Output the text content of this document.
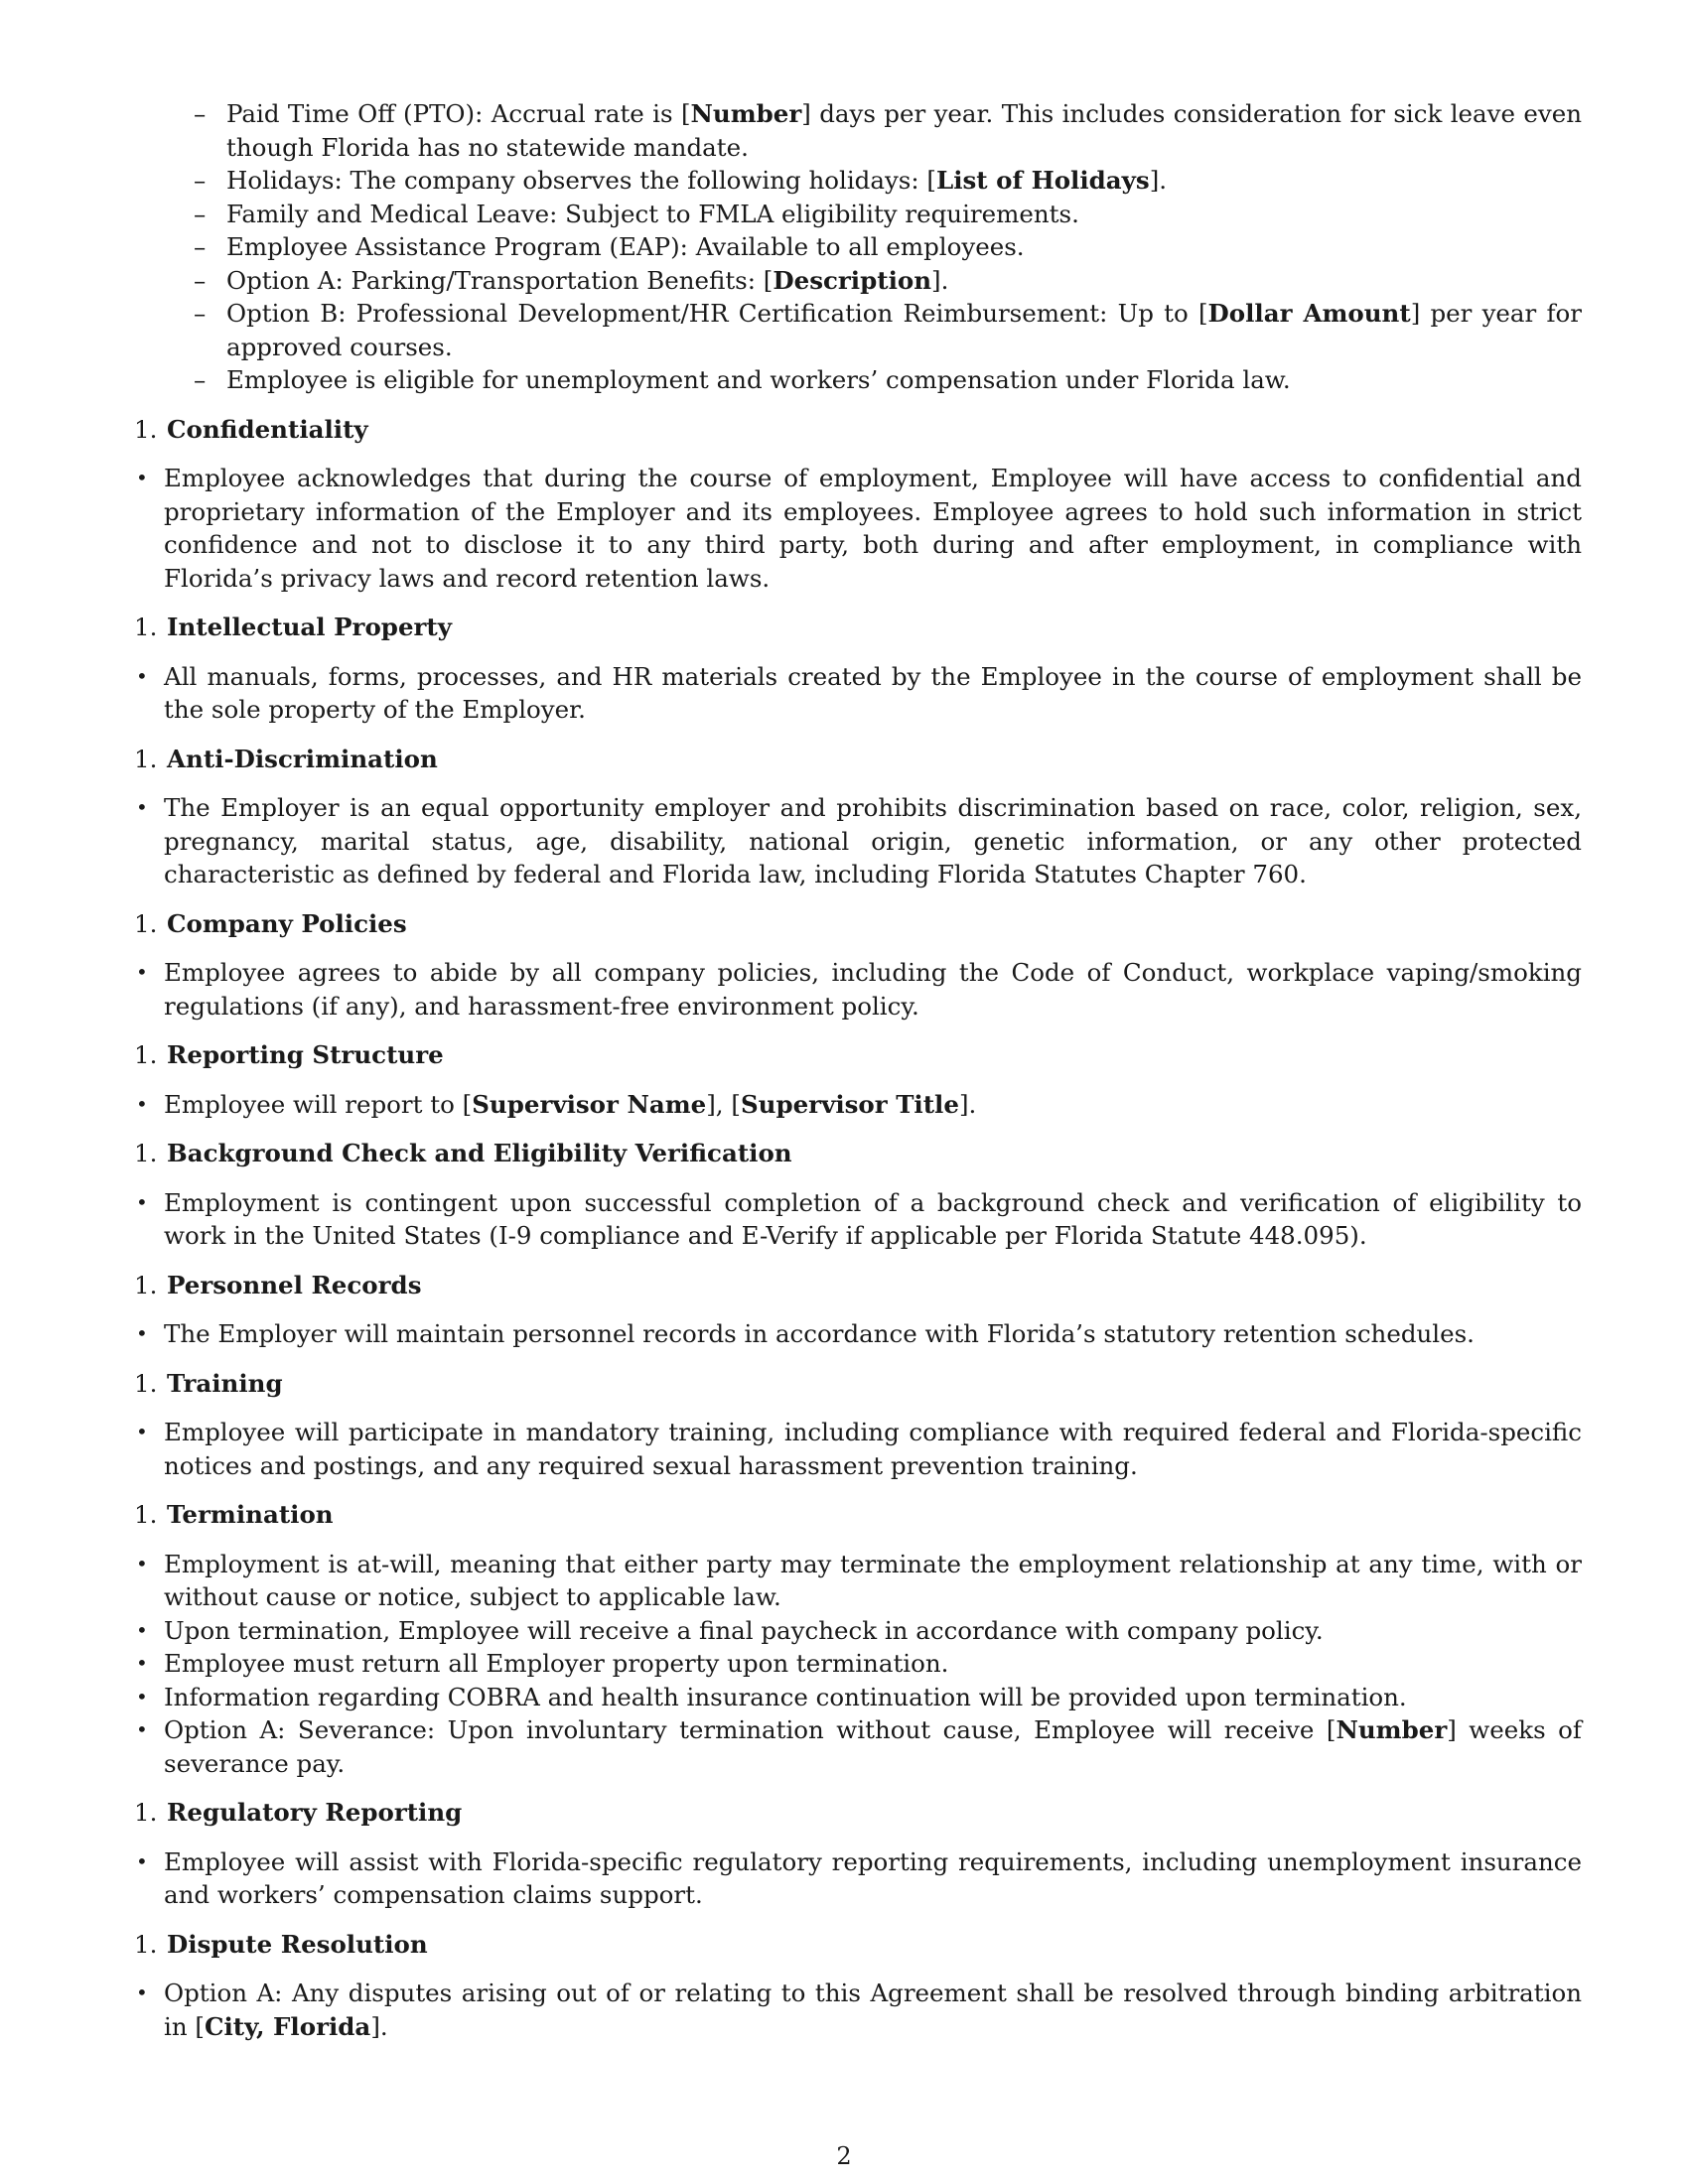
– Paid Time Off (PTO): Accrual rate is [Number] days per year. This includes consideration for sick leave even though Florida has no statewide mandate.
– Holidays: The company observes the following holidays: [List of Holidays].
– Family and Medical Leave: Subject to FMLA eligibility requirements.
– Employee Assistance Program (EAP): Available to all employees.
– Option A: Parking/Transportation Benefits: [Description].
– Option B: Professional Development/HR Certification Reimbursement: Up to [Dollar Amount] per year for approved courses.
– Employee is eligible for unemployment and workers’ compensation under Florida law.
1. Confidentiality
• Employee acknowledges that during the course of employment, Employee will have access to confidential and proprietary information of the Employer and its employees. Employee agrees to hold such information in strict confidence and not to disclose it to any third party, both during and after employment, in compliance with Florida’s privacy laws and record retention laws.
1. Intellectual Property
• All manuals, forms, processes, and HR materials created by the Employee in the course of employment shall be the sole property of the Employer.
1. Anti-Discrimination
• The Employer is an equal opportunity employer and prohibits discrimination based on race, color, religion, sex, pregnancy, marital status, age, disability, national origin, genetic information, or any other protected characteristic as defined by federal and Florida law, including Florida Statutes Chapter 760.
1. Company Policies
• Employee agrees to abide by all company policies, including the Code of Conduct, workplace vaping/smoking regulations (if any), and harassment-free environment policy.
1. Reporting Structure
• Employee will report to [Supervisor Name], [Supervisor Title].
1. Background Check and Eligibility Verification
• Employment is contingent upon successful completion of a background check and verification of eligibility to work in the United States (I-9 compliance and E-Verify if applicable per Florida Statute 448.095).
1. Personnel Records
• The Employer will maintain personnel records in accordance with Florida’s statutory retention schedules.
1. Training
• Employee will participate in mandatory training, including compliance with required federal and Florida-specific notices and postings, and any required sexual harassment prevention training.
1. Termination
• Employment is at-will, meaning that either party may terminate the employment relationship at any time, with or without cause or notice, subject to applicable law.
• Upon termination, Employee will receive a final paycheck in accordance with company policy.
• Employee must return all Employer property upon termination.
• Information regarding COBRA and health insurance continuation will be provided upon termination.
• Option A: Severance: Upon involuntary termination without cause, Employee will receive [Number] weeks of severance pay.
1. Regulatory Reporting
• Employee will assist with Florida-specific regulatory reporting requirements, including unemployment insurance and workers’ compensation claims support.
1. Dispute Resolution
• Option A: Any disputes arising out of or relating to this Agreement shall be resolved through binding arbitration in [City, Florida].
2
